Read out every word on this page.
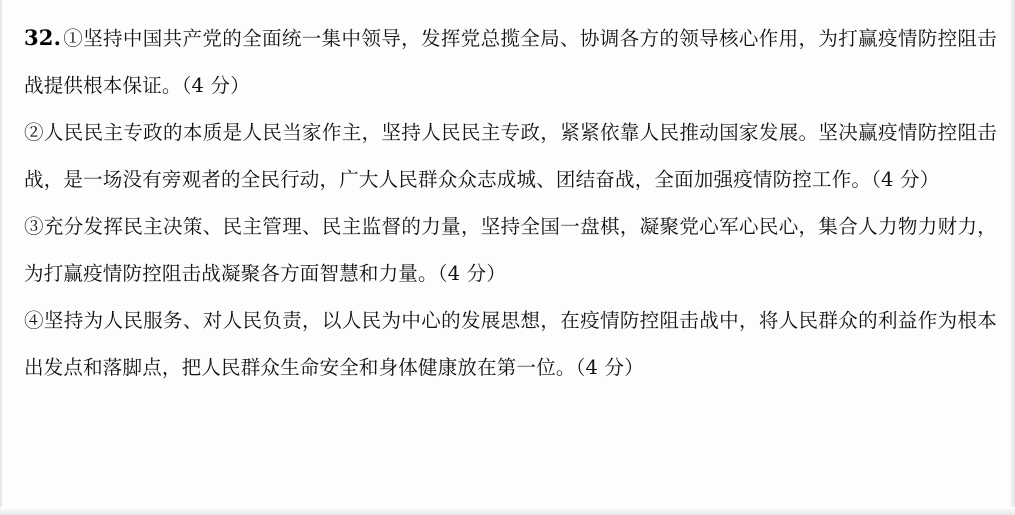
32. ①坚持中国共产党的全面统一集中领导，发挥党总揽全局、协调各方的领导核心作用，为打赢疫情防控阻击战提供根本保证。（4 分）

②人民民主专政的本质是人民当家作主，坚持人民民主专政，紧紧依靠人民推动国家发展。坚决赢疫情防控阻击战，是一场没有旁观者的全民行动，广大人民群众众志成城、团结奋战，全面加强疫情防控工作。（4 分）

③充分发挥民主决策、民主管理、民主监督的力量，坚持全国一盘棋，凝聚党心军心民心，集合人力物力财力，为打赢疫情防控阻击战凝聚各方面智慧和力量。（4 分）

④坚持为人民服务、对人民负责，以人民为中心的发展思想，在疫情防控阻击战中，将人民群众的利益作为根本出发点和落脚点，把人民群众生命安全和身体健康放在第一位。（4 分）
